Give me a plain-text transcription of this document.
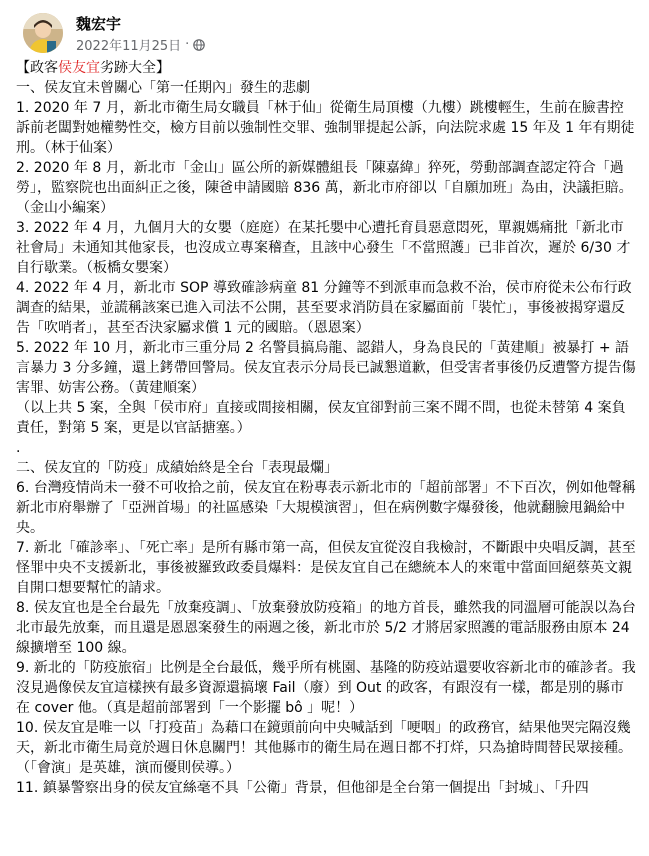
魏宏宇
2022年11月25日 ·

【政客侯友宜劣跡大全】

一、侯友宜未曾關心「第一任期內」發生的悲劇

1. 2020 年 7 月，新北市衛生局女職員「林于仙」從衛生局頂樓（九樓）跳樓輕生，生前在臉書控訴前老闆對她權勢性交，檢方目前以強制性交罪、強制罪提起公訴，向法院求處 15 年及 1 年有期徒刑。（林于仙案）

2. 2020 年 8 月，新北市「金山」區公所的新媒體組長「陳嘉緯」猝死，勞動部調查認定符合「過勞」，監察院也出面糾正之後，陳爸申請國賠 836 萬，新北市府卻以「自願加班」為由，決議拒賠。（金山小編案）

3. 2022 年 4 月，九個月大的女嬰（庭庭）在某托嬰中心遭托育員惡意悶死，單親媽痛批「新北市社會局」未通知其他家長，也沒成立專案稽查，且該中心發生「不當照護」已非首次，遲於 6/30 才自行歇業。（板橋女嬰案）

4. 2022 年 4 月，新北市 SOP 導致確診病童 81 分鐘等不到派車而急救不治，侯市府從未公布行政調查的結果，並謊稱該案已進入司法不公開，甚至要求消防員在家屬面前「裝忙」，事後被揭穿還反告「吹哨者」，甚至否決家屬求償 1 元的國賠。（恩恩案）

5. 2022 年 10 月，新北市三重分局 2 名警員搞烏龍、認錯人，身為良民的「黃建順」被暴打 + 語言暴力 3 分多鐘，還上銬帶回警局。侯友宜表示分局長已誠懇道歉，但受害者事後仍反遭警方提告傷害罪、妨害公務。（黃建順案）

（以上共 5 案，全與「侯市府」直接或間接相關，侯友宜卻對前三案不聞不問，也從未替第 4 案負責任，對第 5 案，更是以官話搪塞。）

.

二、侯友宜的「防疫」成績始終是全台「表現最爛」

6. 台灣疫情尚未一發不可收拾之前，侯友宜在粉專表示新北市的「超前部署」不下百次，例如他聲稱新北市府舉辦了「亞洲首場」的社區感染「大規模演習」，但在病例數字爆發後，他就翻臉甩鍋給中央。

7. 新北「確診率」、「死亡率」是所有縣市第一高，但侯友宜從沒自我檢討，不斷跟中央唱反調，甚至怪罪中央不支援新北，事後被羅致政委員爆料：是侯友宜自己在總統本人的來電中當面回絕蔡英文親自開口想要幫忙的請求。

8. 侯友宜也是全台最先「放棄疫調」、「放棄發放防疫箱」的地方首長，雖然我的同溫層可能誤以為台北市最先放棄，而且還是恩恩案發生的兩週之後，新北市於 5/2 才將居家照護的電話服務由原本 24 線擴增至 100 線。

9. 新北的「防疫旅宿」比例是全台最低，幾乎所有桃園、基隆的防疫站還要收容新北市的確診者。我沒見過像侯友宜這樣挾有最多資源還搞壞 Fail（廢）到 Out 的政客，有跟沒有一樣，都是別的縣市在 cover 他。（真是超前部署到「一个影擺 bô 」呢！）

10. 侯友宜是唯一以「打疫苗」為藉口在鏡頭前向中央喊話到「哽咽」的政務官，結果他哭完隔沒幾天，新北市衛生局竟於週日休息關門！其他縣市的衛生局在週日都不打烊，只為搶時間替民眾接種。（「會演」是英雄，演而優則侯導。）

11. 鎮暴警察出身的侯友宜絲毫不具「公衛」背景，但他卻是全台第一個提出「封城」、「升四
